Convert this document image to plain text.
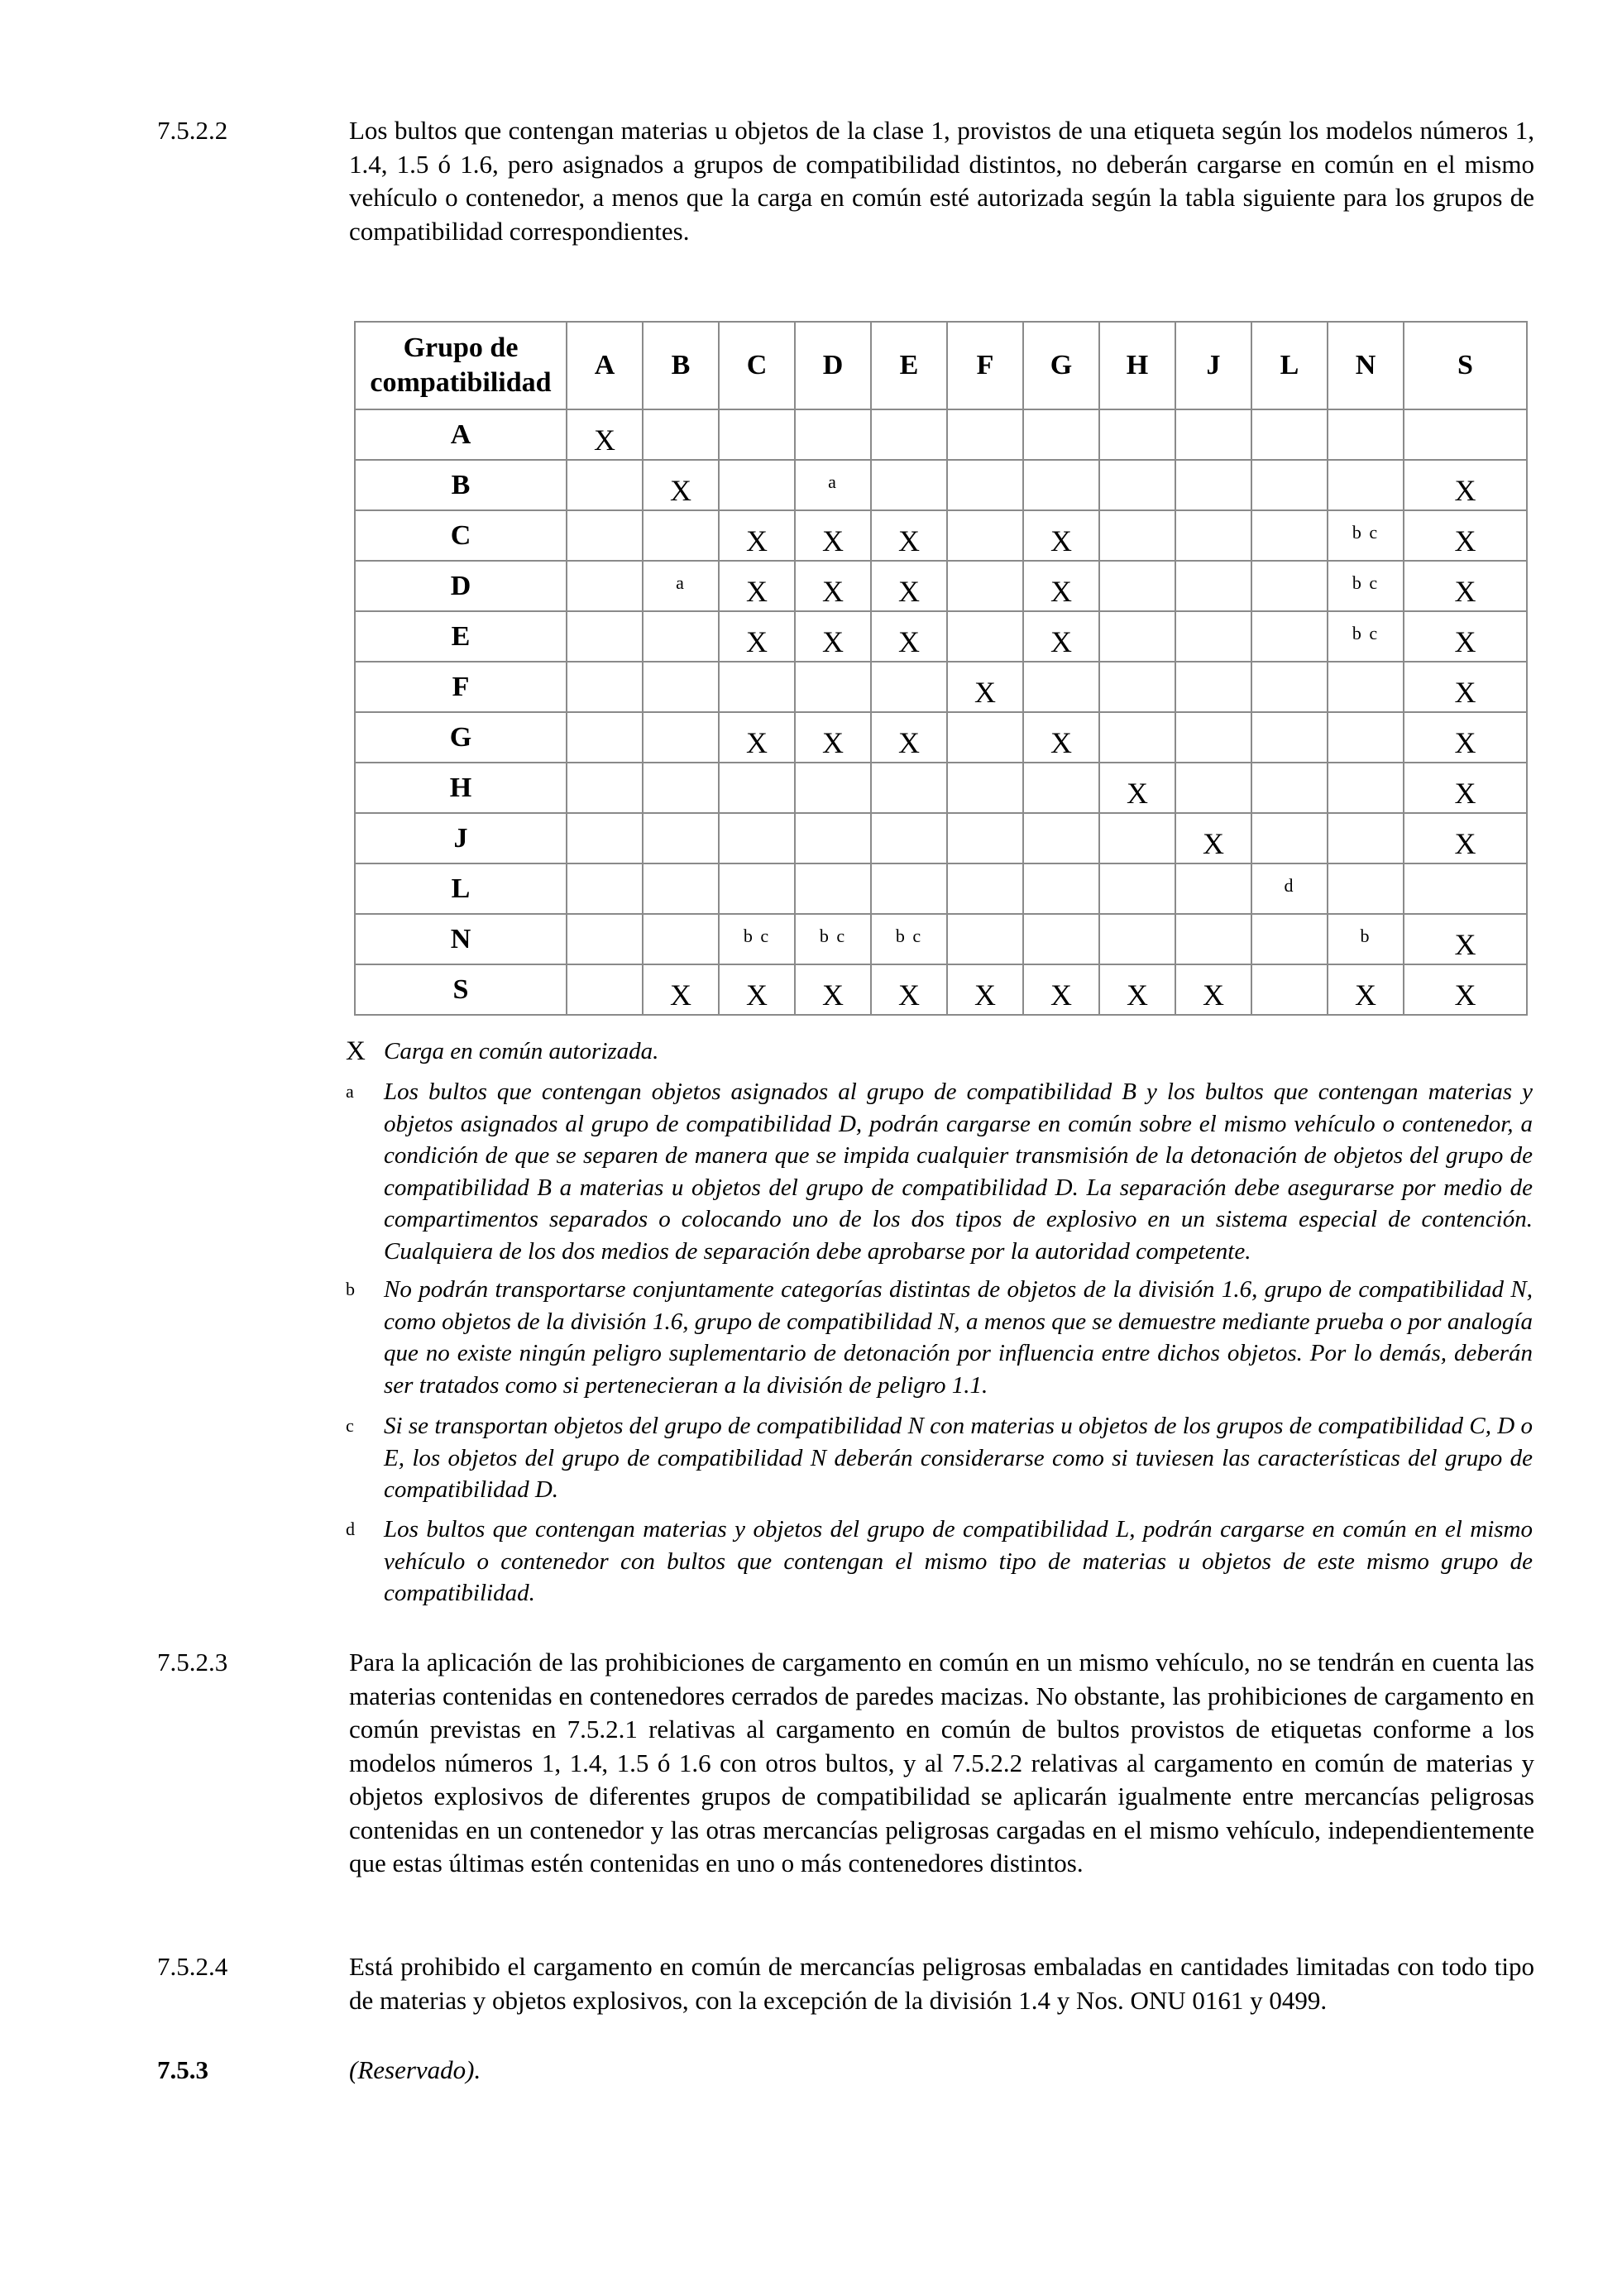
7.5.2.2	Los bultos que contengan materias u objetos de la clase 1, provistos de una etiqueta según los modelos números 1, 1.4, 1.5 ó 1.6, pero asignados a grupos de compatibilidad distintos, no deberán cargarse en común en el mismo vehículo o contenedor, a menos que la carga en común esté autorizada según la tabla siguiente para los grupos de compatibilidad correspondientes.
Grupo de compatibilidad	A	B	C	D	E	F	G	H	J	L	N	S
A	X											
B		X		a								X
C			X	X	X		X				b c	X
D		a	X	X	X		X				b c	X
E			X	X	X		X				b c	X
F						X						X
G			X	X	X		X					X
H								X				X
J									X			X
L										d		
N			b c	b c	b c						b	X
S		X	X	X	X	X	X	X	X		X	X
X Carga en común autorizada.
a Los bultos que contengan objetos asignados al grupo de compatibilidad B y los bultos que contengan materias y objetos asignados al grupo de compatibilidad D, podrán cargarse en común sobre el mismo vehículo o contenedor, a condición de que se separen de manera que se impida cualquier transmisión de la detonación de objetos del grupo de compatibilidad B a materias u objetos del grupo de compatibilidad D. La separación debe asegurarse por medio de compartimentos separados o colocando uno de los dos tipos de explosivo en un sistema especial de contención. Cualquiera de los dos medios de separación debe aprobarse por la autoridad competente.
b No podrán transportarse conjuntamente categorías distintas de objetos de la división 1.6, grupo de compatibilidad N, como objetos de la división 1.6, grupo de compatibilidad N, a menos que se demuestre mediante prueba o por analogía que no existe ningún peligro suplementario de detonación por influencia entre dichos objetos. Por lo demás, deberán ser tratados como si pertenecieran a la división de peligro 1.1.
c Si se transportan objetos del grupo de compatibilidad N con materias u objetos de los grupos de compatibilidad C, D o E, los objetos del grupo de compatibilidad N deberán considerarse como si tuviesen las características del grupo de compatibilidad D.
d Los bultos que contengan materias y objetos del grupo de compatibilidad L, podrán cargarse en común en el mismo vehículo o contenedor con bultos que contengan el mismo tipo de materias u objetos de este mismo grupo de compatibilidad.
7.5.2.3	Para la aplicación de las prohibiciones de cargamento en común en un mismo vehículo, no se tendrán en cuenta las materias contenidas en contenedores cerrados de paredes macizas. No obstante, las prohibiciones de cargamento en común previstas en 7.5.2.1 relativas al cargamento en común de bultos provistos de etiquetas conforme a los modelos números 1, 1.4, 1.5 ó 1.6 con otros bultos, y al 7.5.2.2 relativas al cargamento en común de materias y objetos explosivos de diferentes grupos de compatibilidad se aplicarán igualmente entre mercancías peligrosas contenidas en un contenedor y las otras mercancías peligrosas cargadas en el mismo vehículo, independientemente que estas últimas estén contenidas en uno o más contenedores distintos.
7.5.2.4	Está prohibido el cargamento en común de mercancías peligrosas embaladas en cantidades limitadas con todo tipo de materias y objetos explosivos, con la excepción de la división 1.4 y Nos. ONU 0161 y 0499.
7.5.3	(Reservado).
